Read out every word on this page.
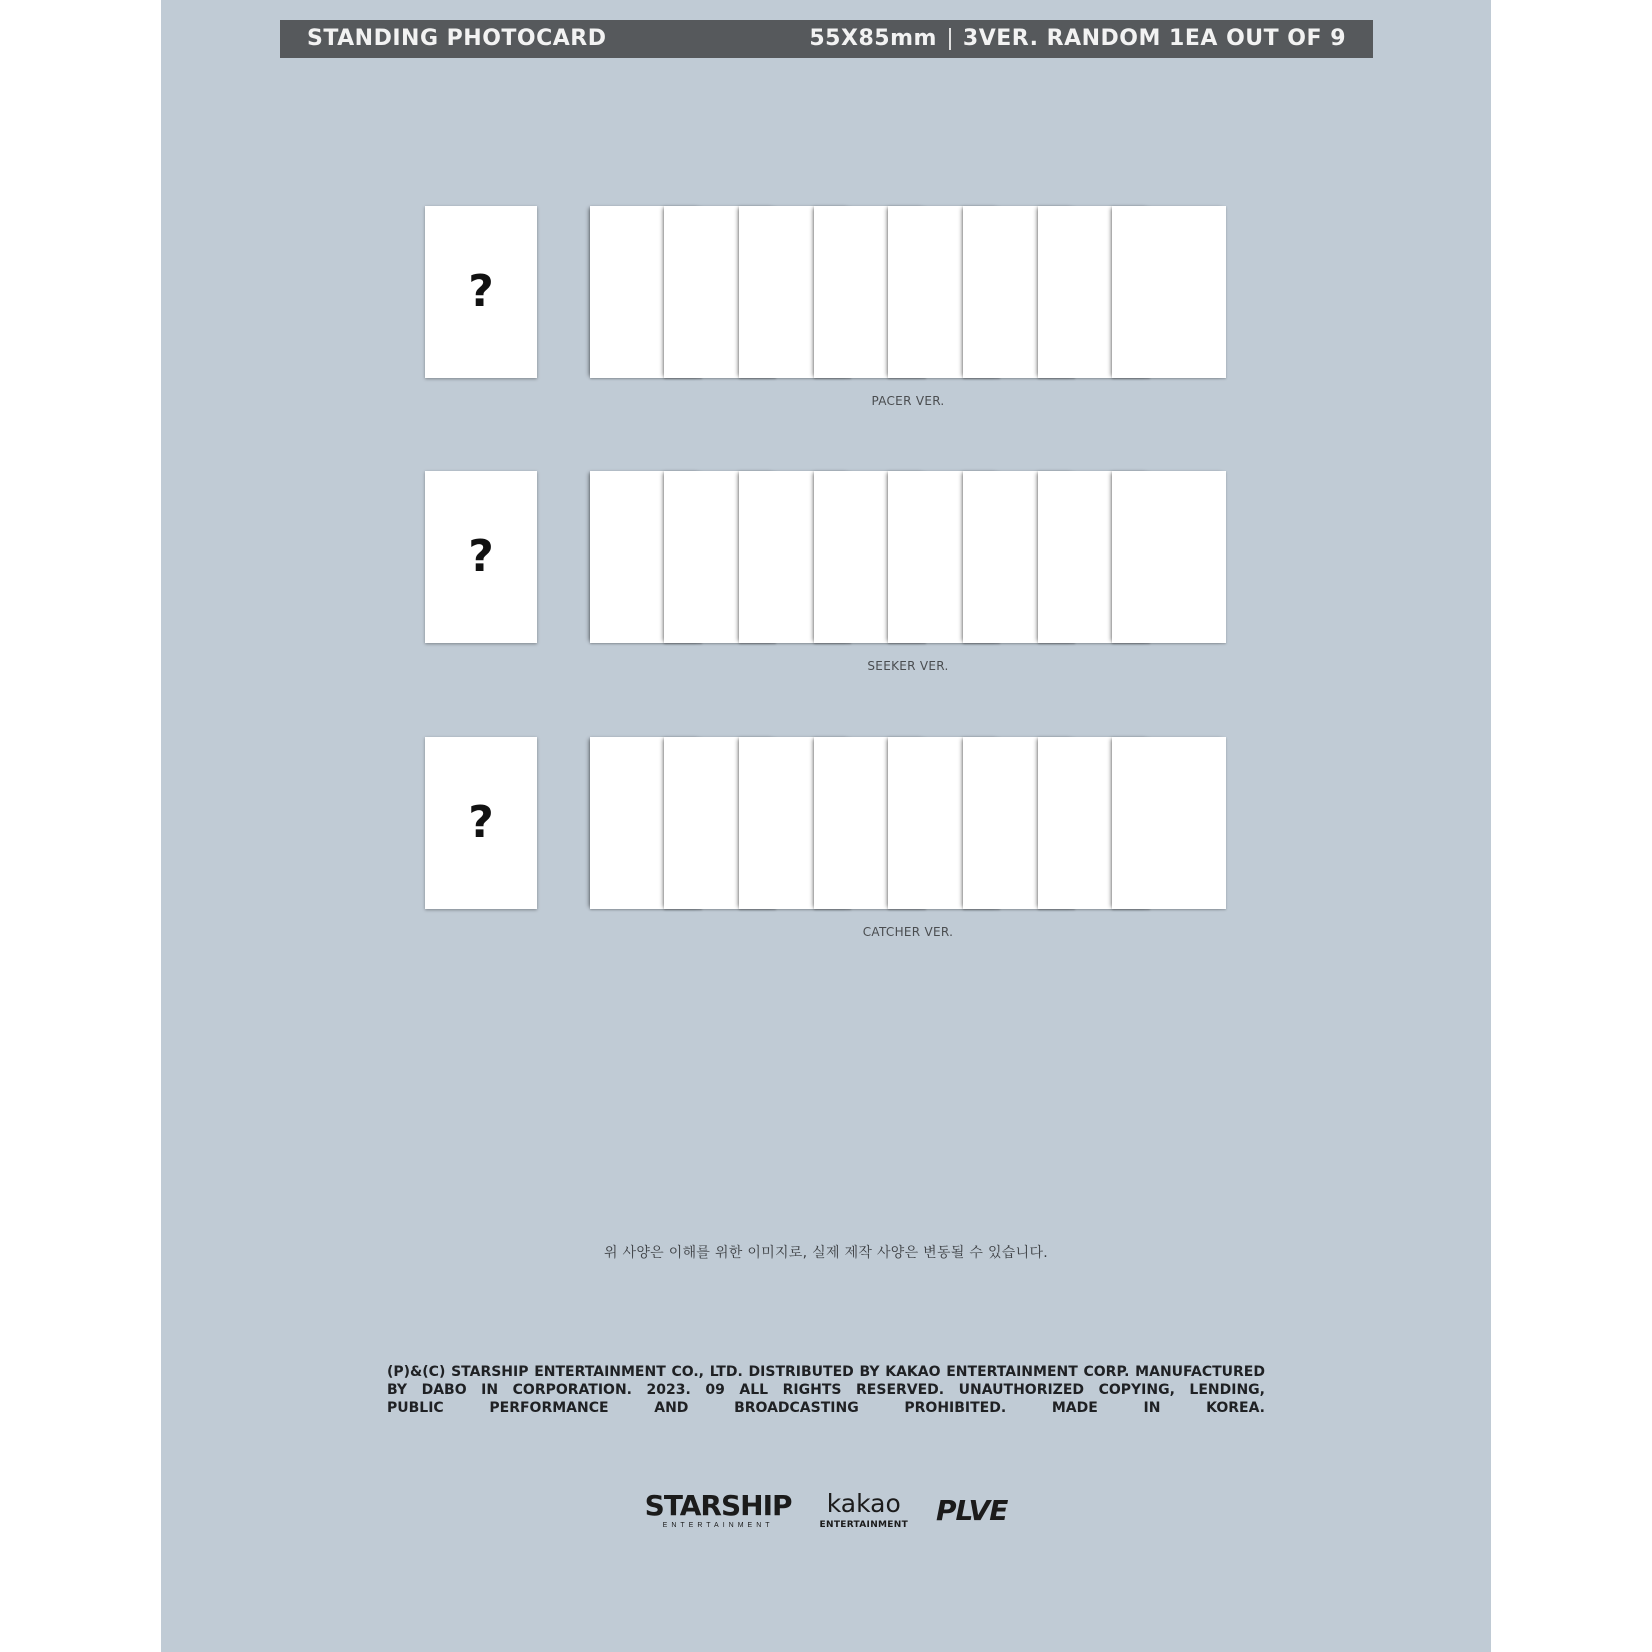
STANDING PHOTOCARD	55X85mm 3VER. RANDOM 1EA OUT OF 9
?
PACER VER.
?
SEEKER VER.
?
CATCHER VER.
위 사양은 이해를 위한 이미지로, 실제 제작 사양은 변동될 수 있습니다.
(P)&(C) STARSHIP ENTERTAINMENT CO., LTD. DISTRIBUTED BY KAKAO ENTERTAINMENT CORP. MANUFACTURED
BY DABO IN CORPORATION. 2023. 09 ALL RIGHTS RESERVED. UNAUTHORIZED COPYING, LENDING,
PUBLIC PERFORMANCE AND BROADCASTING PROHIBITED. MADE IN KOREA.
STARSHIP
ENTERTAINMENT
kakao
ENTERTAINMENT PLVE
